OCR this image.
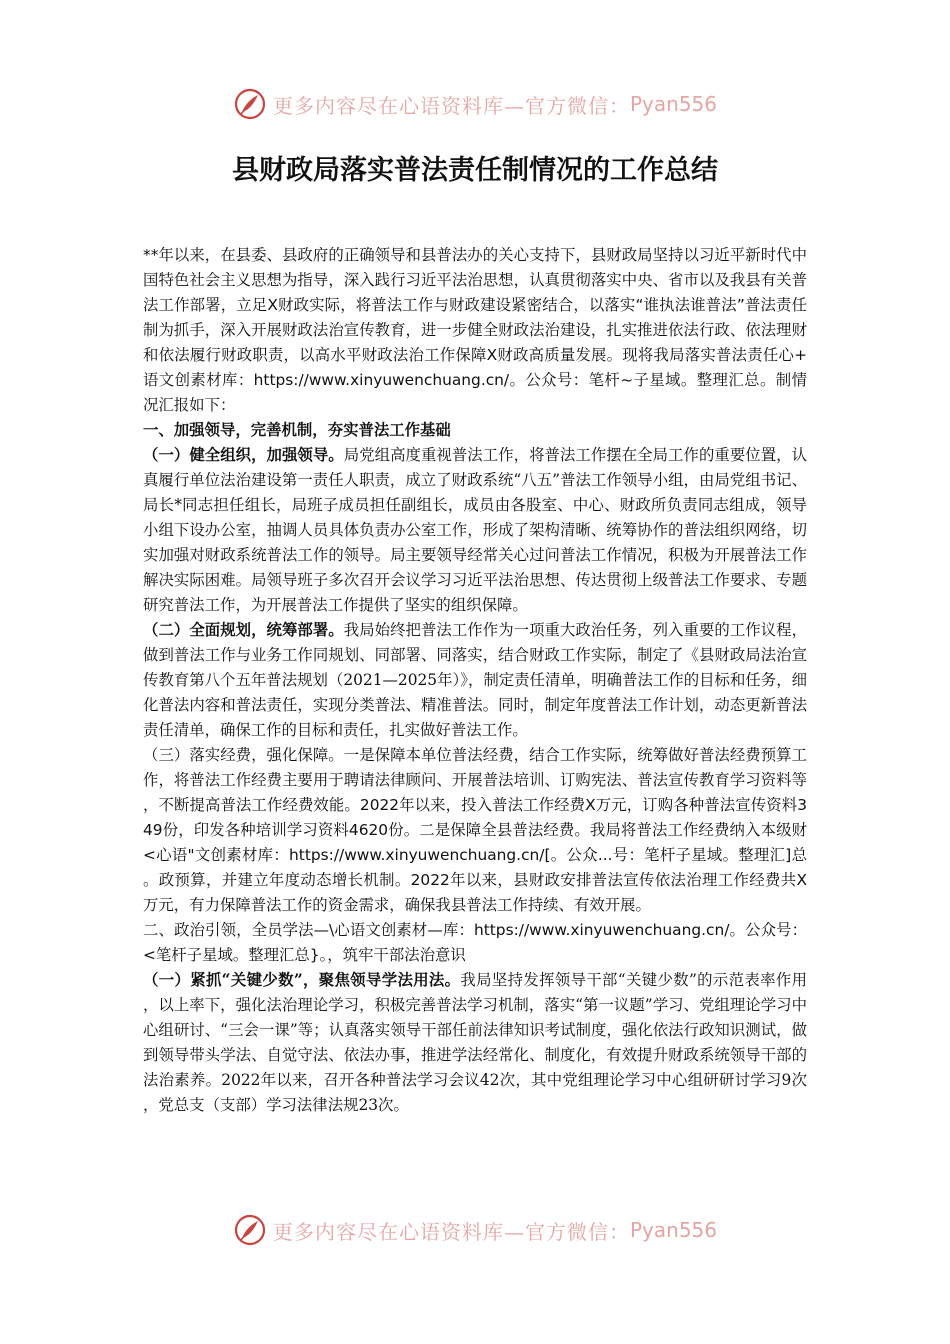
更多内容尽在心语资料库—官方微信： Pyan556
县财政局落实普法责任制情况的工作总结

**年以来，在县委、县政府的正确领导和县普法办的关心支持下，县财政局坚持以习近平新时代中国特色社会主义思想为指导，深入践行习近平法治思想，认真贯彻落实中央、省市以及我县有关普法工作部署，立足X财政实际，将普法工作与财政建设紧密结合，以落实“谁执法谁普法”普法责任制为抓手，深入开展财政法治宣传教育，进一步健全财政法治建设，扎实推进依法行政、依法理财和依法履行财政职责，以高水平财政法治工作保障X财政高质量发展。现将我局落实普法责任心+语文创素材库：https://www.xinyuwenchuang.cn/。公众号：笔杆~子星域。整理汇总。制情况汇报如下：

一、加强领导，完善机制，夯实普法工作基础

（一）健全组织，加强领导。局党组高度重视普法工作，将普法工作摆在全局工作的重要位置，认真履行单位法治建设第一责任人职责，成立了财政系统“八五”普法工作领导小组，由局党组书记、局长*同志担任组长，局班子成员担任副组长，成员由各股室、中心、财政所负责同志组成，领导小组下设办公室，抽调人员具体负责办公室工作，形成了架构清晰、统筹协作的普法组织网络，切实加强对财政系统普法工作的领导。局主要领导经常关心过问普法工作情况，积极为开展普法工作解决实际困难。局领导班子多次召开会议学习习近平法治思想、传达贯彻上级普法工作要求、专题研究普法工作，为开展普法工作提供了坚实的组织保障。

（二）全面规划，统筹部署。我局始终把普法工作作为一项重大政治任务，列入重要的工作议程，做到普法工作与业务工作同规划、同部署、同落实，结合财政工作实际，制定了《县财政局法治宣传教育第八个五年普法规划（2021—2025年）》，制定责任清单，明确普法工作的目标和任务，细化普法内容和普法责任，实现分类普法、精准普法。同时，制定年度普法工作计划，动态更新普法责任清单，确保工作的目标和责任，扎实做好普法工作。

（三）落实经费，强化保障。一是保障本单位普法经费，结合工作实际，统筹做好普法经费预算工作，将普法工作经费主要用于聘请法律顾问、开展普法培训、订购宪法、普法宣传教育学习资料等，不断提高普法工作经费效能。2022年以来，投入普法工作经费X万元，订购各种普法宣传资料349份，印发各种培训学习资料4620份。二是保障全县普法经费。我局将普法工作经费纳入本级财<心语"文创素材库：https://www.xinyuwenchuang.cn/[。公众...号：笔杆子星域。整理汇]总。政预算，并建立年度动态增长机制。2022年以来，县财政安排普法宣传依法治理工作经费共X万元，有力保障普法工作的资金需求，确保我县普法工作持续、有效开展。

二、政治引领，全员学法—\心语文创素材—库：https://www.xinyuwenchuang.cn/。公众号：<笔杆子星域。整理汇总}。，筑牢干部法治意识

（一）紧抓“关键少数”，聚焦领导学法用法。我局坚持发挥领导干部“关键少数”的示范表率作用，以上率下，强化法治理论学习，积极完善普法学习机制，落实“第一议题”学习、党组理论学习中心组研讨、“三会一课”等；认真落实领导干部任前法律知识考试制度，强化依法行政知识测试，做到领导带头学法、自觉守法、依法办事，推进学法经常化、制度化，有效提升财政系统领导干部的法治素养。2022年以来，召开各种普法学习会议42次，其中党组理论学习中心组研研讨学习9次，党总支（支部）学习法律法规23次。

更多内容尽在心语资料库—官方微信： Pyan556
